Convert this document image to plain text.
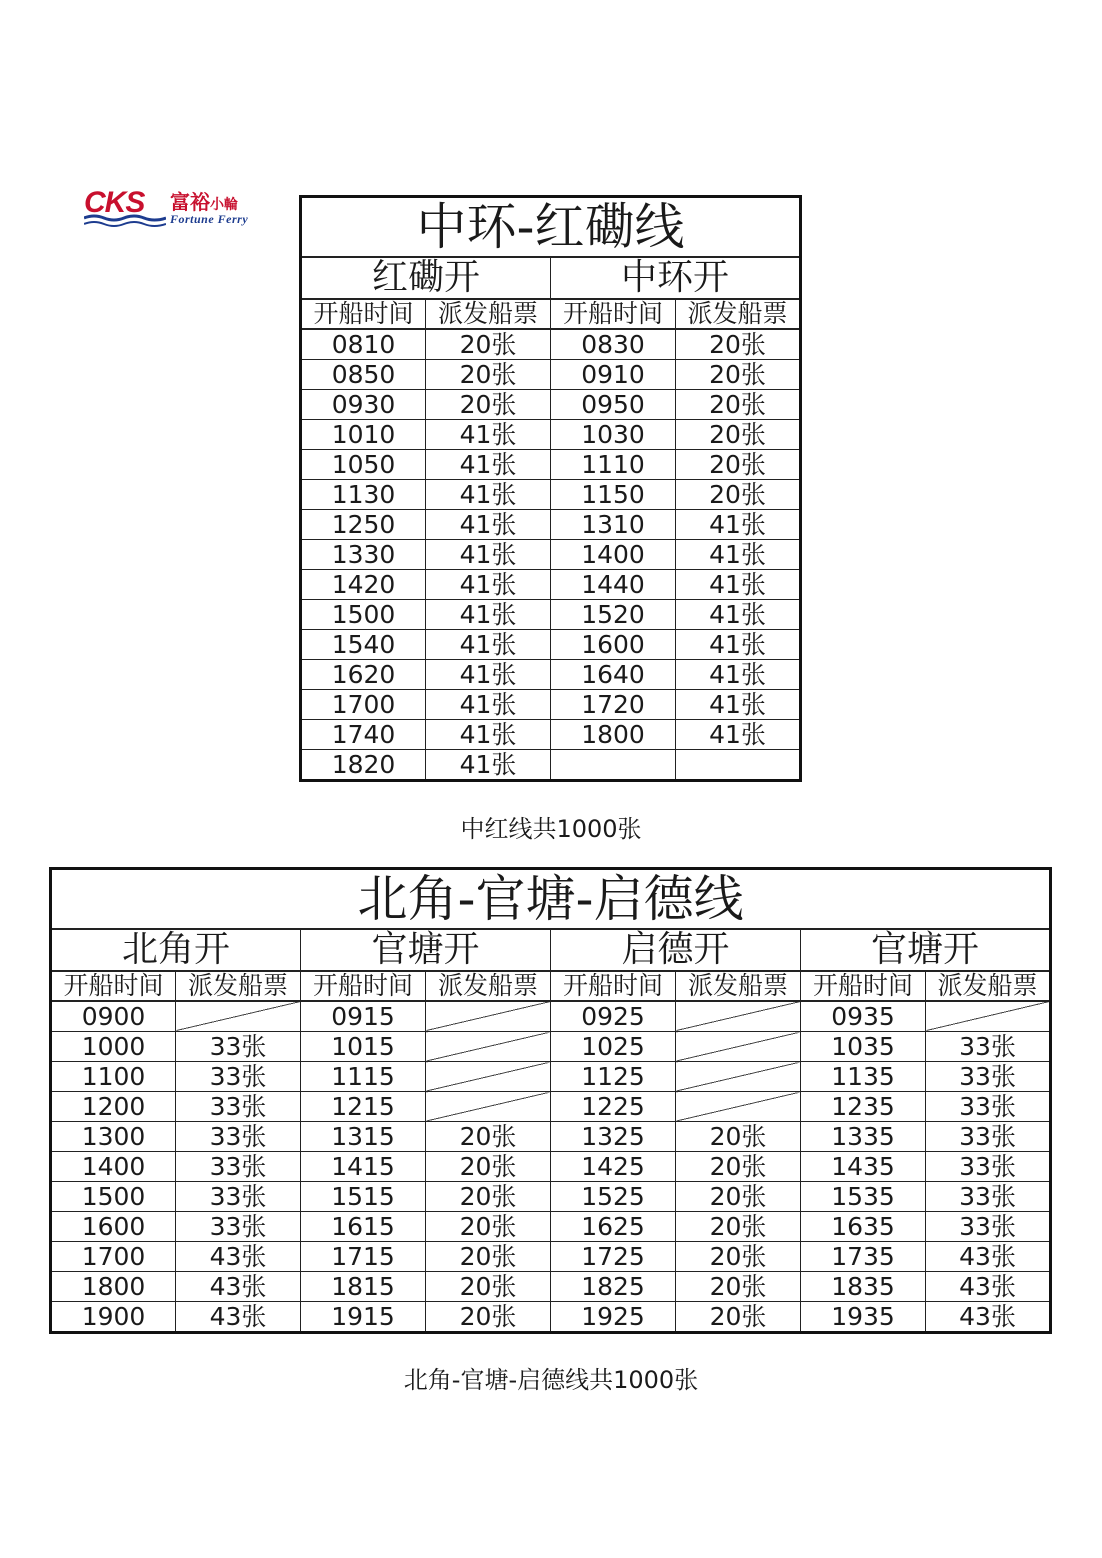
CKS 富裕小輪
Fortune Ferry	中环-红磡线			
红磡开		中环开	
开船时间	派发船票	开船时间	派发船票
0810	20张	0830	20张
0850	20张	0910	20张
0930	20张	0950	20张
1010	41张	1030	20张
1050	41张	1110	20张
1130	41张	1150	20张
1250	41张	1310	41张
1330	41张	1400	41张
1420	41张	1440	41张
1500	41张	1520	41张
1540	41张	1600	41张
1620	41张	1640	41张
1700	41张	1720	41张
1740	41张	1800	41张
1820	41张		
中红线共1000张
北角-官塘-启德线							
北角开		官塘开		启德开		官塘开	
开船时间	派发船票	开船时间	派发船票	开船时间	派发船票	开船时间	派发船票
0900		0915		0925		0935	
1000	33张	1015		1025		1035	33张
1100	33张	1115		1125		1135	33张
1200	33张	1215		1225		1235	33张
1300	33张	1315	20张	1325	20张	1335	33张
1400	33张	1415	20张	1425	20张	1435	33张
1500	33张	1515	20张	1525	20张	1535	33张
1600	33张	1615	20张	1625	20张	1635	33张
1700	43张	1715	20张	1725	20张	1735	43张
1800	43张	1815	20张	1825	20张	1835	43张
1900	43张	1915	20张	1925	20张	1935	43张
北角-官塘-启德线共1000张
